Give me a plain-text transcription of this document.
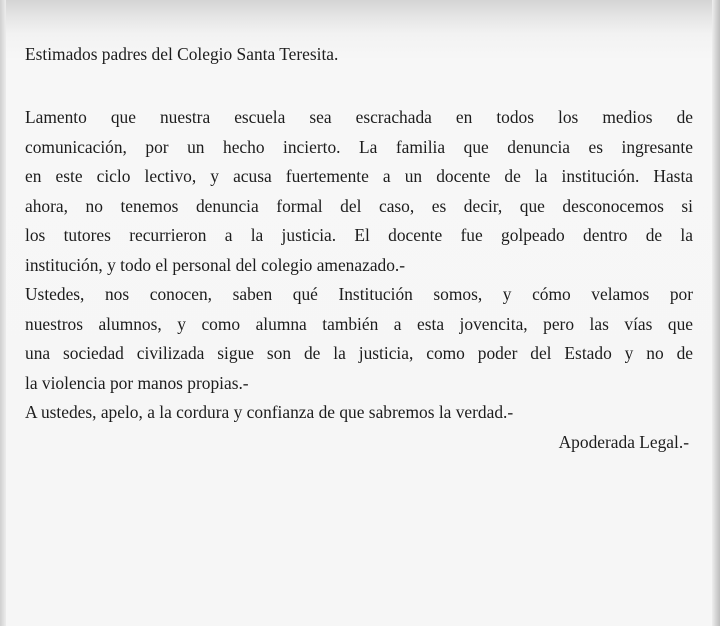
Estimados padres del Colegio Santa Teresita.

Lamento que nuestra escuela sea escrachada en todos los medios de
comunicación, por un hecho incierto. La familia que denuncia es ingresante
en este ciclo lectivo, y acusa fuertemente a un docente de la institución. Hasta
ahora, no tenemos denuncia formal del caso, es decir, que desconocemos si
los tutores recurrieron a la justicia. El docente fue golpeado dentro de la
institución, y todo el personal del colegio amenazado.-
Ustedes, nos conocen, saben qué Institución somos, y cómo velamos por
nuestros alumnos, y como alumna también a esta jovencita, pero las vías que
una sociedad civilizada sigue son de la justicia, como poder del Estado y no de
la violencia por manos propias.-
A ustedes, apelo, a la cordura y confianza de que sabremos la verdad.-
Apoderada Legal.-
